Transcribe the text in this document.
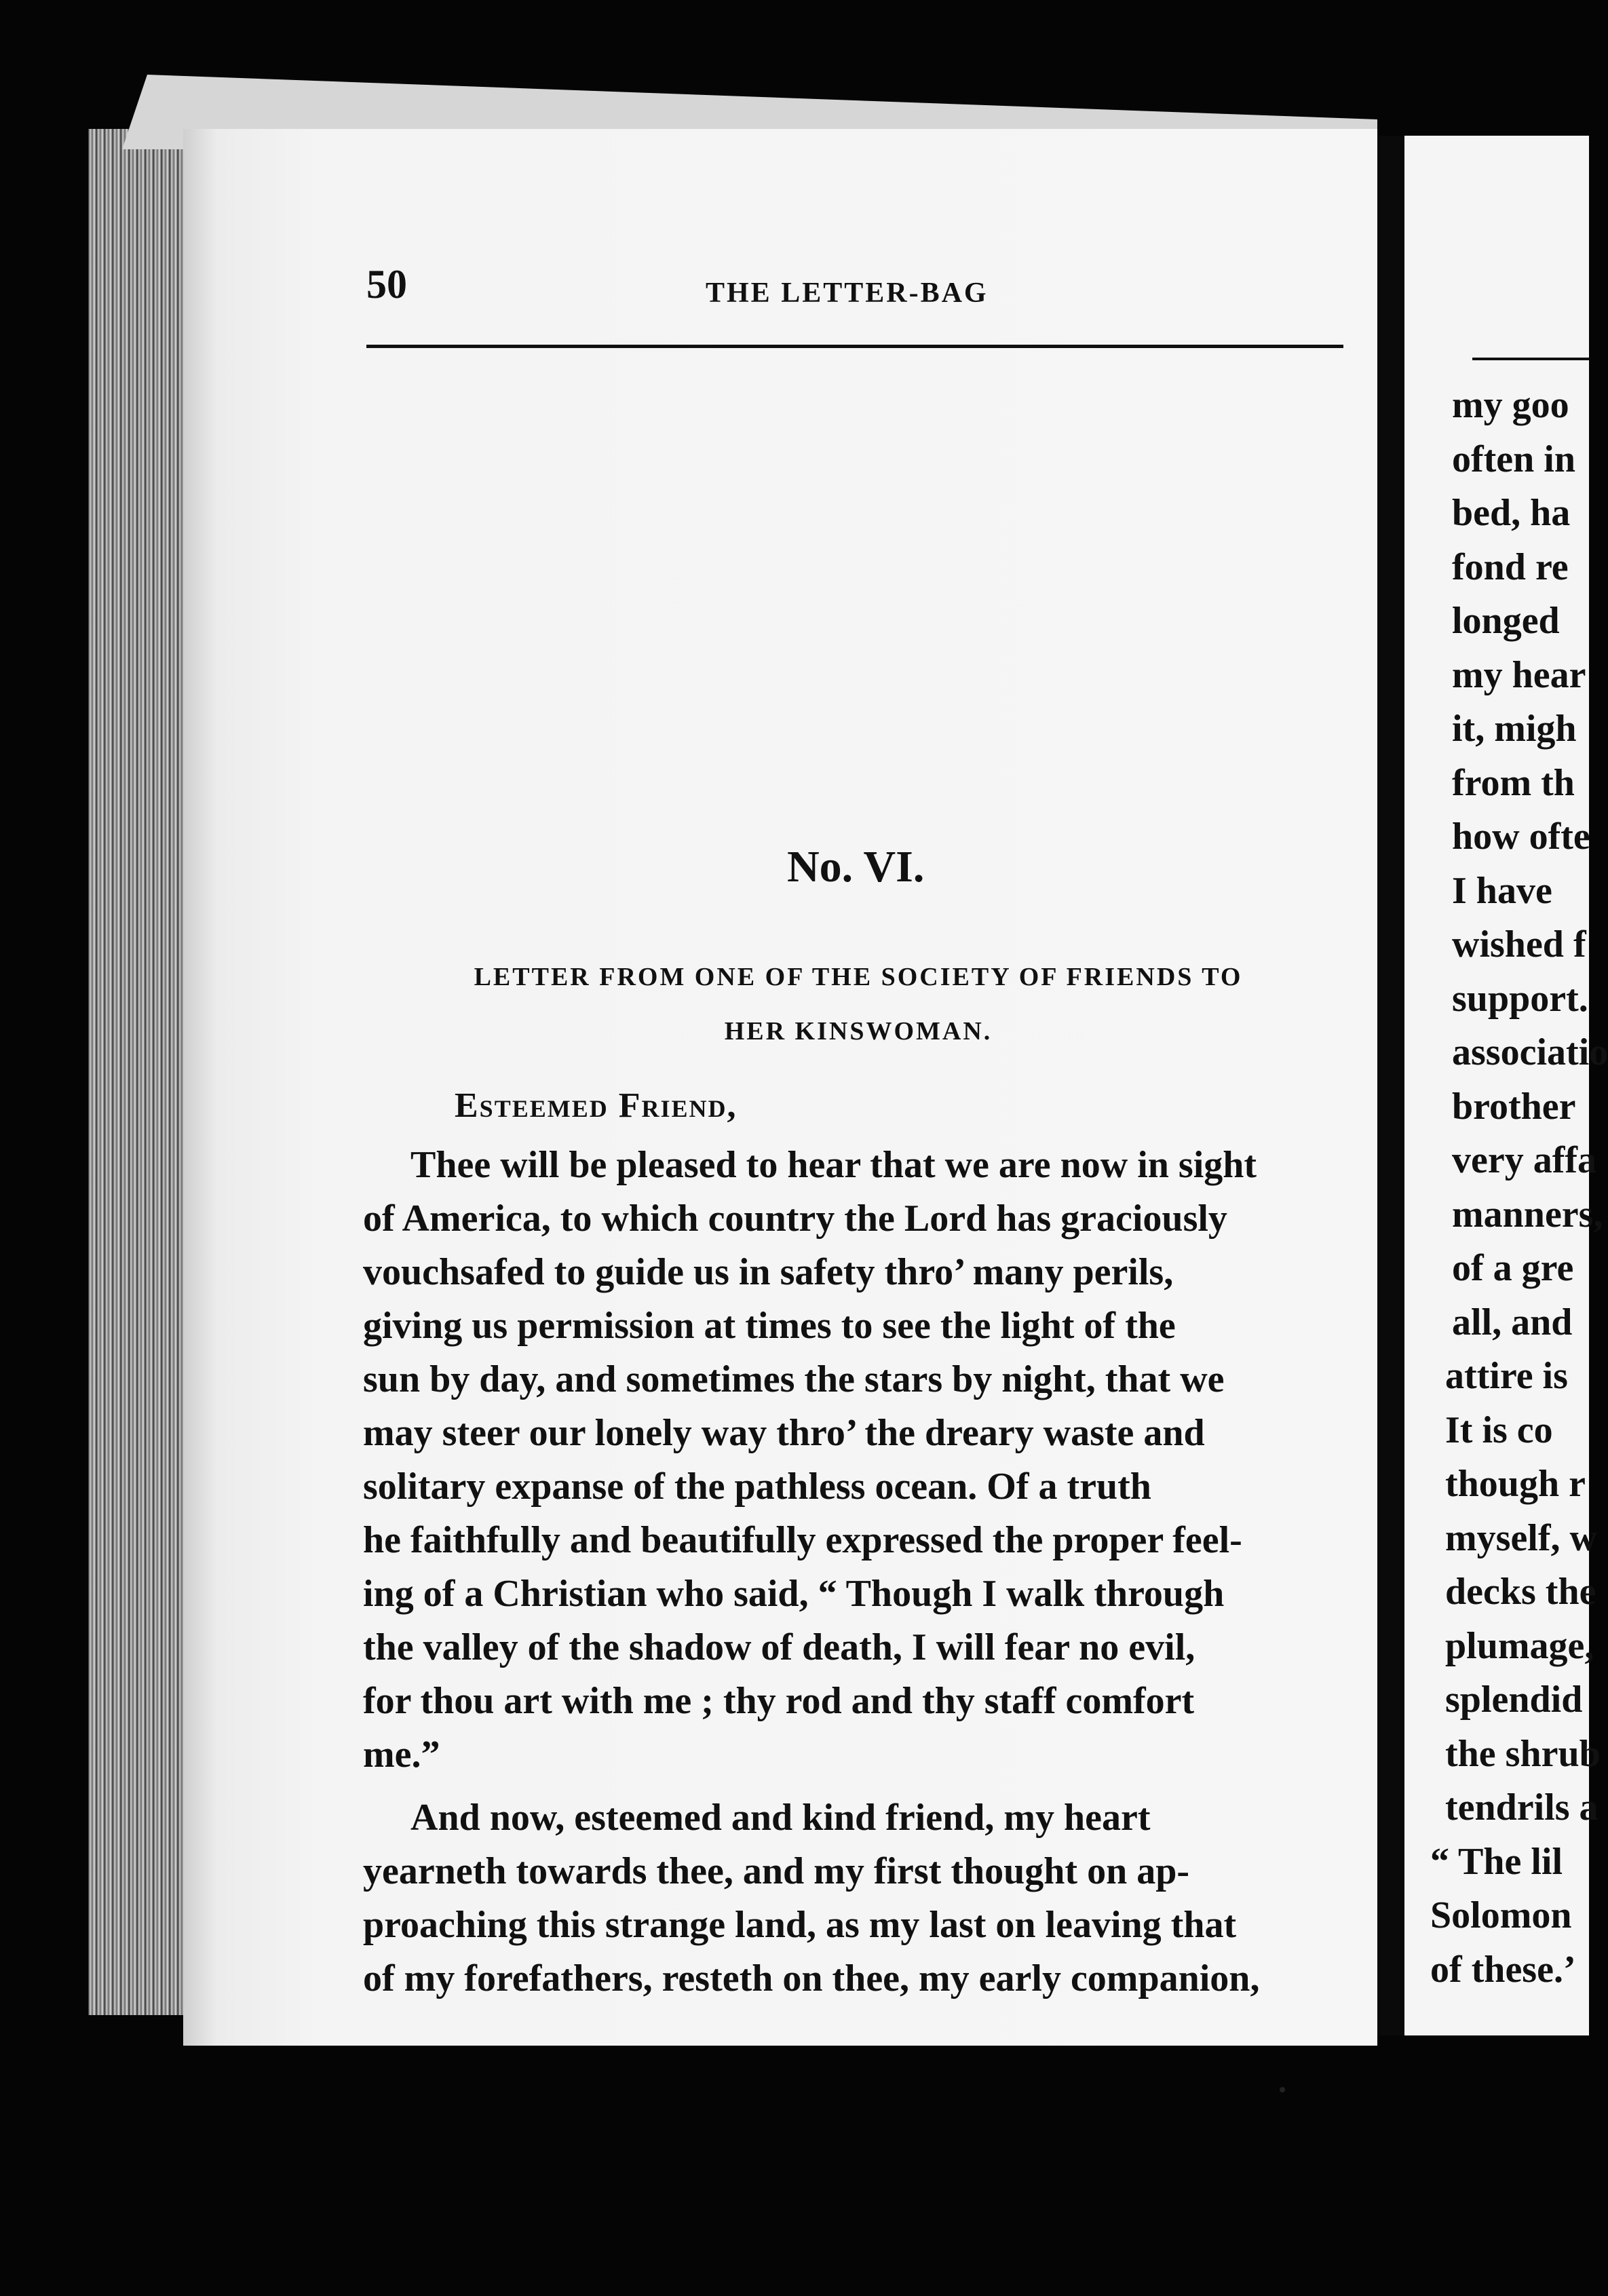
my goo
often in
bed, ha
fond re
longed
my hear
it, migh
from th
how ofte
I have
wished f
support.
associatio
brother
very affa
manners,
of a gre
all, and
attire is
It is co
though r
myself, w
decks the
plumage,
splendid
the shrub
tendrils a
“ The lil
Solomon
of these.’
50	THE LETTER-BAG
No. VI.
LETTER FROM ONE OF THE SOCIETY OF FRIENDS TO
HER KINSWOMAN.
Esteemed Friend,
Thee will be pleased to hear that we are now in sight
of America, to which country the Lord has graciously
vouchsafed to guide us in safety thro’ many perils,
giving us permission at times to see the light of the
sun by day, and sometimes the stars by night, that we
may steer our lonely way thro’ the dreary waste and
solitary expanse of the pathless ocean. Of a truth
he faithfully and beautifully expressed the proper feel-
ing of a Christian who said, “ Though I walk through
the valley of the shadow of death, I will fear no evil,
for thou art with me ; thy rod and thy staff comfort
me.”
And now, esteemed and kind friend, my heart
yearneth towards thee, and my first thought on ap-
proaching this strange land, as my last on leaving that
of my forefathers, resteth on thee, my early companion,
